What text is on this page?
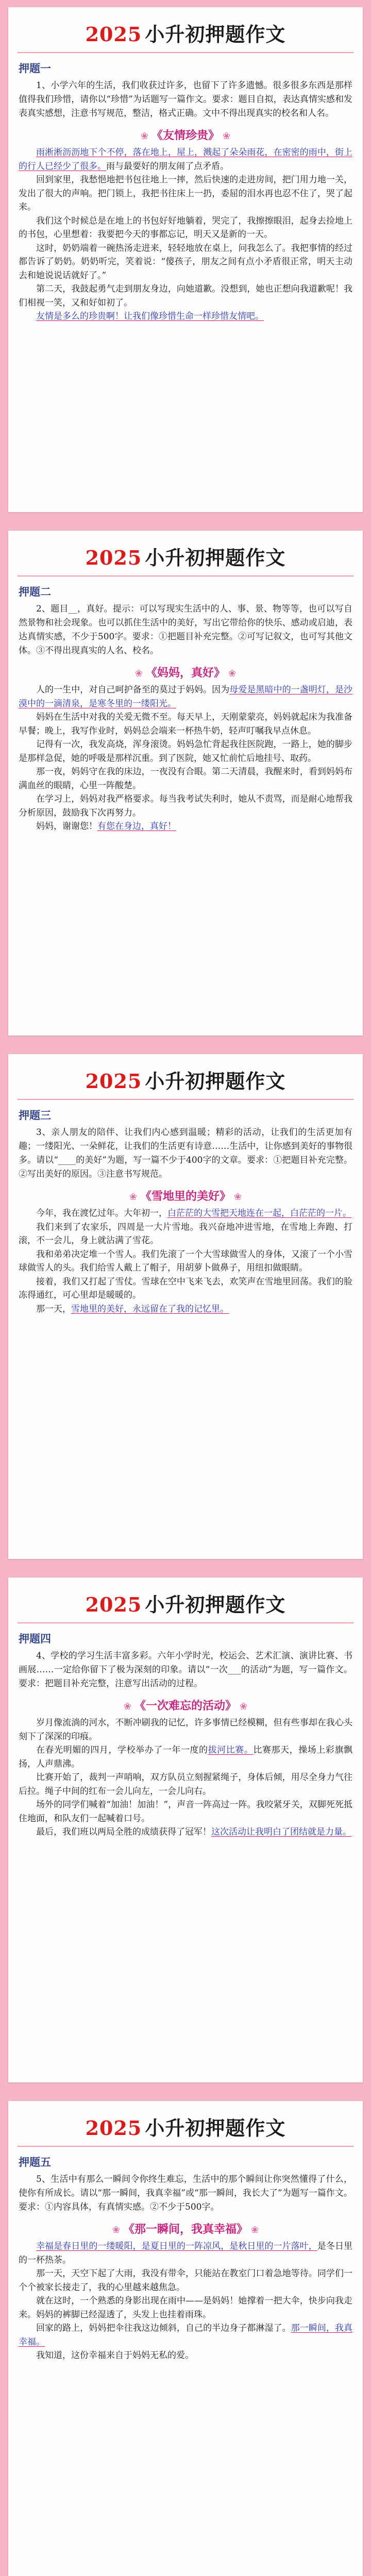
2025 小升初押题作文
押题一
1、小学六年的生活，我们收获过许多，也留下了许多遗憾。很多很多东西是那样值得我们珍惜，请你以“珍惜”为话题写一篇作文。要求：题目自拟，表达真情实感和发表真实感想，注意书写规范，整洁，格式正确。文中不得出现真实的校名和人名。
❀ 《友情珍贵》 ❀

雨淅淅沥沥地下个不停，落在地上，屋上，溅起了朵朵雨花，在密密的雨中，街上的行人已经少了很多。雨与最要好的朋友闹了点矛盾。

回到家里，我愁悒地把书包往地上一摔，然后快速的走进房间，把门用力地一关，发出了很大的声响。把门锁上，我把书往床上一扔，委屈的泪水再也忍不住了，哭了起来。

我们这个时候总是在地上的书包好好地躺着，哭完了，我擦擦眼泪，起身去捡地上的书包，心里想着：我要把今天的事都忘记，明天又是新的一天。

这时，奶奶端着一碗热汤走进来，轻轻地放在桌上，问我怎么了。我把事情的经过都告诉了奶奶。奶奶听完，笑着说：“傻孩子，朋友之间有点小矛盾很正常，明天主动去和她说说话就好了。”

第二天，我鼓起勇气走到朋友身边，向她道歉。没想到，她也正想向我道歉呢！我们相视一笑，又和好如初了。

友情是多么的珍贵啊！让我们像珍惜生命一样珍惜友情吧。

2025 小升初押题作文
押题二
2、题目__，真好。提示：可以写现实生活中的人、事、景、物等等，也可以写自然景物和社会现象。也可以抓住生活中的美好，写出它带给你的快乐、感动或启迪，表达真情实感，不少于500字。要求：①把题目补充完整。②可写记叙文，也可写其他文体。③不得出现真实的人名、校名。
❀ 《妈妈，真好》 ❀

人的一生中，对自己呵护备至的莫过于妈妈。因为母爱是黑暗中的一盏明灯，是沙漠中的一滴清泉，是寒冬里的一缕阳光。

妈妈在生活中对我的关爱无微不至。每天早上，天刚蒙蒙亮，妈妈就起床为我准备早餐；晚上，我写作业时，妈妈总会端来一杯热牛奶，轻声叮嘱我早点休息。

记得有一次，我发高烧，浑身滚烫。妈妈急忙背起我往医院跑，一路上，她的脚步是那样急促，她的呼吸是那样沉重。到了医院，她又忙前忙后地挂号、取药。

那一夜，妈妈守在我的床边，一夜没有合眼。第二天清晨，我醒来时，看到妈妈布满血丝的眼睛，心里一阵酸楚。

在学习上，妈妈对我严格要求。每当我考试失利时，她从不责骂，而是耐心地帮我分析原因，鼓励我下次再努力。

妈妈，谢谢您！有您在身边，真好！

2025 小升初押题作文
押题三
3、亲人朋友的陪伴、让我们内心感到温暖；精彩的活动，让我们的生活更加有趣；一缕阳光、一朵鲜花，让我们的生活更有诗意……生活中，让你感到美好的事物很多。请以“____的美好”为题，写一篇不少于400字的文章。要求：①把题目补充完整。②写出美好的原因。③注意书写规范。
❀ 《雪地里的美好》 ❀

今年，我在渡忆过年。大年初一，白茫茫的大雪把天地连在一起，白茫茫的一片。

我们来到了农家乐，四周是一大片雪地。我兴奋地冲进雪地，在雪地上奔跑、打滚，不一会儿，身上就沾满了雪花。

我和弟弟决定堆一个雪人。我们先滚了一个大雪球做雪人的身体，又滚了一个小雪球做雪人的头。我们给雪人戴上了帽子，用胡萝卜做鼻子，用纽扣做眼睛。

接着，我们又打起了雪仗。雪球在空中飞来飞去，欢笑声在雪地里回荡。我们的脸冻得通红，可心里却是暖暖的。

那一天，雪地里的美好，永远留在了我的记忆里。

2025 小升初押题作文
押题四
4、学校的学习生活丰富多彩。六年小学时光，校运会、艺术汇演、演讲比赛、书画展……一定给你留下了极为深刻的印象。请以“一次___的活动”为题，写一篇作文。要求：把题目补充完整，注意写出活动的过程。
❀ 《一次难忘的活动》 ❀

岁月像流淌的河水，不断冲刷我的记忆，许多事情已经模糊，但有些事却在我心头刻下了深深的印痕。

在春光明媚的四月，学校举办了一年一度的拔河比赛。比赛那天，操场上彩旗飘扬，人声鼎沸。

比赛开始了，裁判一声哨响，双方队员立刻握紧绳子，身体后倾，用尽全身力气往后拉。绳子中间的红布一会儿向左，一会儿向右。

场外的同学们喊着“加油！加油！”，声音一阵高过一阵。我咬紧牙关，双脚死死抵住地面，和队友们一起喊着口号。

最后，我们班以两局全胜的成绩获得了冠军！这次活动让我明白了团结就是力量。

2025 小升初押题作文
押题五
5、生活中有那么一瞬间令你终生难忘，生活中的那个瞬间让你突然懂得了什么，使你有所成长。请以“那一瞬间，我真幸福”或“那一瞬间，我长大了”为题写一篇作文。要求：①内容具体，有真情实感。②不少于500字。
❀ 《那一瞬间，我真幸福》 ❀

幸福是春日里的一缕暖阳，是夏日里的一阵凉风，是秋日里的一片落叶，是冬日里的一杯热茶。

那一天，天空下起了大雨，我没有带伞，只能站在教室门口着急地等待。同学们一个个被家长接走了，我的心里越来越焦急。

就在这时，一个熟悉的身影出现在雨中——是妈妈！她撑着一把大伞，快步向我走来。妈妈的裤脚已经湿透了，头发上也挂着雨珠。

回家的路上，妈妈把伞往我这边倾斜，自己的半边身子都淋湿了。那一瞬间，我真幸福。

我知道，这份幸福来自于妈妈无私的爱。
